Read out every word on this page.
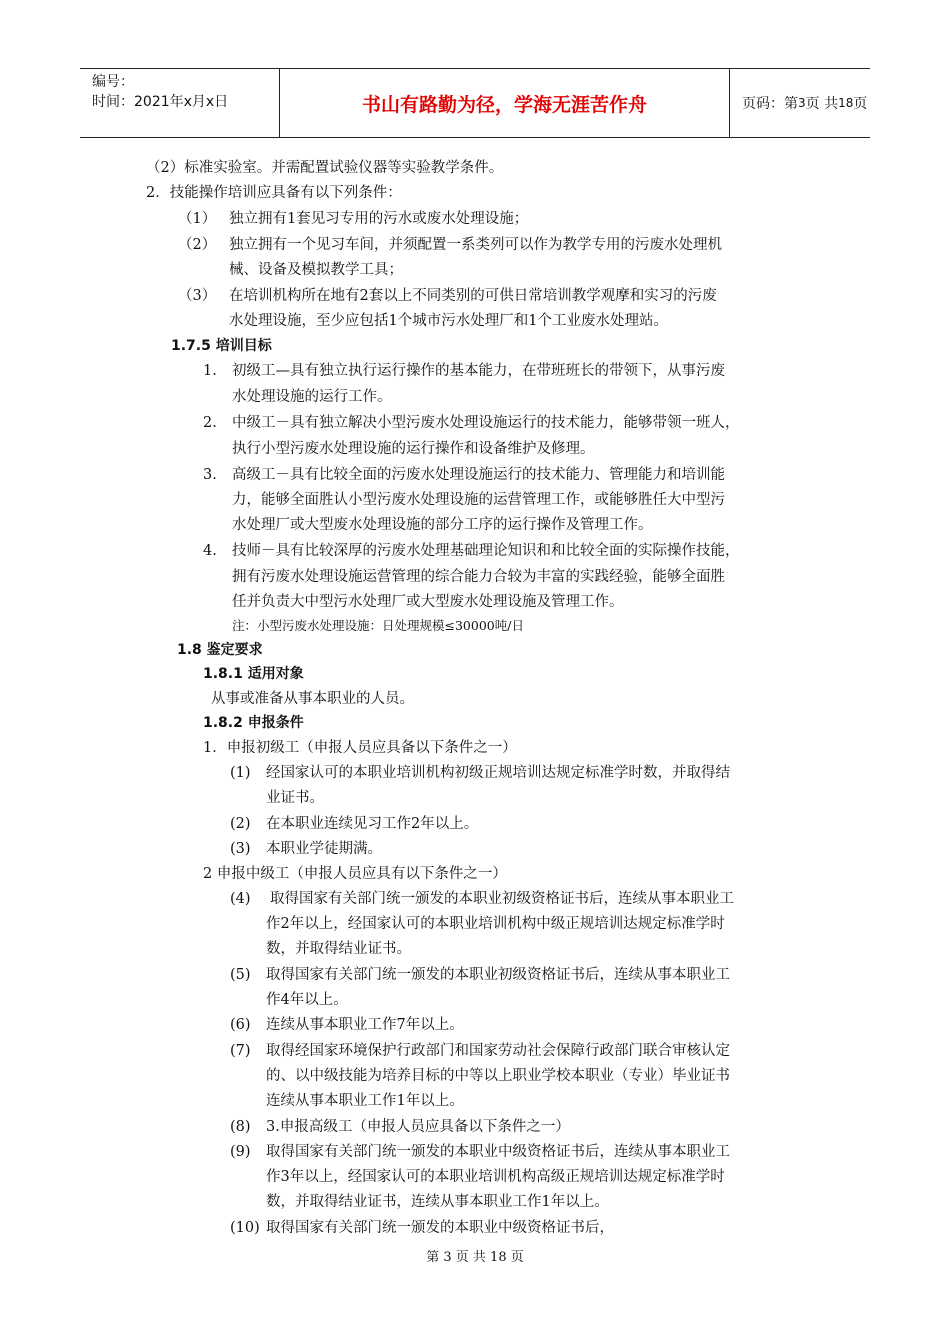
编号：
时间：2021年x月x日	书山有路勤为径，学海无涯苦作舟	页码：第 3 页 共 18 页
（2）标准实验室。并需配置试验仪器等实验教学条件。
2．技能操作培训应具备有以下列条件：
（1） 独立拥有1套见习专用的污水或废水处理设施；
（2） 独立拥有一个见习车间，并须配置一系类列可以作为教学专用的污废水处理机
械、设备及模拟教学工具；
（3） 在培训机构所在地有2套以上不同类别的可供日常培训教学观摩和实习的污废
水处理设施，至少应包括1个城市污水处理厂和1个工业废水处理站。
1.7.5 培训目标
1. 初级工—具有独立执行运行操作的基本能力，在带班班长的带领下，从事污废
水处理设施的运行工作。
2. 中级工－具有独立解决小型污废水处理设施运行的技术能力，能够带领一班人，
执行小型污废水处理设施的运行操作和设备维护及修理。
3. 高级工－具有比较全面的污废水处理设施运行的技术能力、管理能力和培训能
力，能够全面胜认小型污废水处理设施的运营管理工作，或能够胜任大中型污
水处理厂或大型废水处理设施的部分工序的运行操作及管理工作。
4. 技师－具有比较深厚的污废水处理基础理论知识和和比较全面的实际操作技能，
拥有污废水处理设施运营管理的综合能力合较为丰富的实践经验，能够全面胜
任并负责大中型污水处理厂或大型废水处理设施及管理工作。
注：小型污废水处理设施：日处理规模≤30000吨/日
1.8 鉴定要求
1.8.1 适用对象
从事或准备从事本职业的人员。
1.8.2 申报条件
1．申报初级工（申报人员应具备以下条件之一）
(1) 经国家认可的本职业培训机构初级正规培训达规定标准学时数，并取得结
业证书。
(2) 在本职业连续见习工作2年以上。
(3) 本职业学徒期满。
2 申报中级工（申报人员应具有以下条件之一）
(4) 取得国家有关部门统一颁发的本职业初级资格证书后，连续从事本职业工
作2年以上，经国家认可的本职业培训机构中级正规培训达规定标准学时
数，并取得结业证书。
(5) 取得国家有关部门统一颁发的本职业初级资格证书后，连续从事本职业工
作4年以上。
(6) 连续从事本职业工作7年以上。
(7) 取得经国家环境保护行政部门和国家劳动社会保障行政部门联合审核认定
的、以中级技能为培养目标的中等以上职业学校本职业（专业）毕业证书
连续从事本职业工作1年以上。
(8) 3.申报高级工（申报人员应具备以下条件之一）
(9) 取得国家有关部门统一颁发的本职业中级资格证书后，连续从事本职业工
作3年以上，经国家认可的本职业培训机构高级正规培训达规定标准学时
数，并取得结业证书，连续从事本职业工作1年以上。
(10) 取得国家有关部门统一颁发的本职业中级资格证书后，
第 3 页 共 18 页
